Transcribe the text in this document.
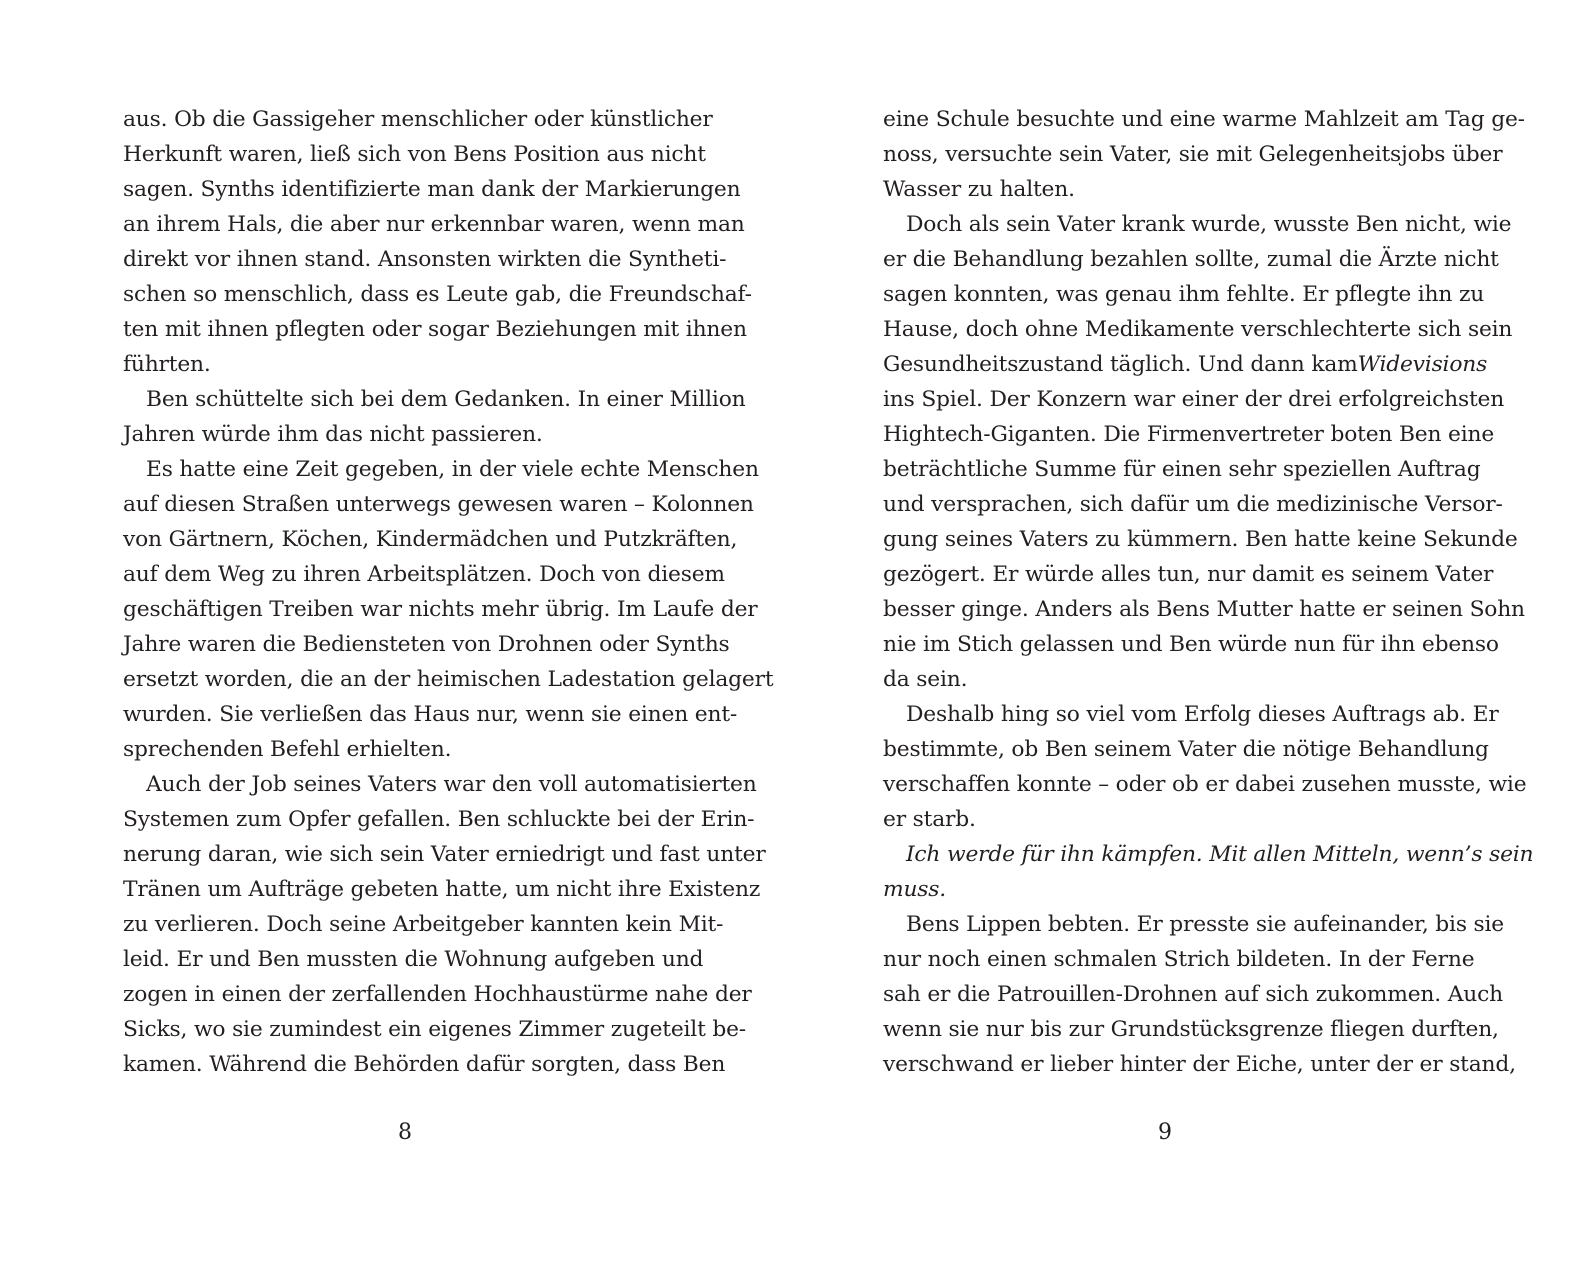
aus. Ob die Gassigeher menschlicher oder künstlicher
Herkunft waren, ließ sich von Bens Position aus nicht
sagen. Synths identifizierte man dank der Markierungen
an ihrem Hals, die aber nur erkennbar waren, wenn man
direkt vor ihnen stand. Ansonsten wirkten die Syntheti-
schen so menschlich, dass es Leute gab, die Freundschaf-
ten mit ihnen pflegten oder sogar Beziehungen mit ihnen
führten.
Ben schüttelte sich bei dem Gedanken. In einer Million
Jahren würde ihm das nicht passieren.
Es hatte eine Zeit gegeben, in der viele echte Menschen
auf diesen Straßen unterwegs gewesen waren – Kolonnen
von Gärtnern, Köchen, Kindermädchen und Putzkräften,
auf dem Weg zu ihren Arbeitsplätzen. Doch von diesem
geschäftigen Treiben war nichts mehr übrig. Im Laufe der
Jahre waren die Bediensteten von Drohnen oder Synths
ersetzt worden, die an der heimischen Ladestation gelagert
wurden. Sie verließen das Haus nur, wenn sie einen ent-
sprechenden Befehl erhielten.
Auch der Job seines Vaters war den voll automatisierten
Systemen zum Opfer gefallen. Ben schluckte bei der Erin-
nerung daran, wie sich sein Vater erniedrigt und fast unter
Tränen um Aufträge gebeten hatte, um nicht ihre Existenz
zu verlieren. Doch seine Arbeitgeber kannten kein Mit-
leid. Er und Ben mussten die Wohnung aufgeben und
zogen in einen der zerfallenden Hochhaustürme nahe der
Sicks, wo sie zumindest ein eigenes Zimmer zugeteilt be-
kamen. Während die Behörden dafür sorgten, dass Ben
8
eine Schule besuchte und eine warme Mahlzeit am Tag ge-
noss, versuchte sein Vater, sie mit Gelegenheitsjobs über
Wasser zu halten.
Doch als sein Vater krank wurde, wusste Ben nicht, wie
er die Behandlung bezahlen sollte, zumal die Ärzte nicht
sagen konnten, was genau ihm fehlte. Er pflegte ihn zu
Hause, doch ohne Medikamente verschlechterte sich sein
Gesundheitszustand täglich. Und dann kam Widevisions
ins Spiel. Der Konzern war einer der drei erfolgreichsten
Hightech-Giganten. Die Firmenvertreter boten Ben eine
beträchtliche Summe für einen sehr speziellen Auftrag
und versprachen, sich dafür um die medizinische Versor-
gung seines Vaters zu kümmern. Ben hatte keine Sekunde
gezögert. Er würde alles tun, nur damit es seinem Vater
besser ginge. Anders als Bens Mutter hatte er seinen Sohn
nie im Stich gelassen und Ben würde nun für ihn ebenso
da sein.
Deshalb hing so viel vom Erfolg dieses Auftrags ab. Er
bestimmte, ob Ben seinem Vater die nötige Behandlung
verschaffen konnte – oder ob er dabei zusehen musste, wie
er starb.
Ich werde für ihn kämpfen. Mit allen Mitteln, wenn’s sein
muss.
Bens Lippen bebten. Er presste sie aufeinander, bis sie
nur noch einen schmalen Strich bildeten. In der Ferne
sah er die Patrouillen-Drohnen auf sich zukommen. Auch
wenn sie nur bis zur Grundstücksgrenze fliegen durften,
verschwand er lieber hinter der Eiche, unter der er stand,
9
